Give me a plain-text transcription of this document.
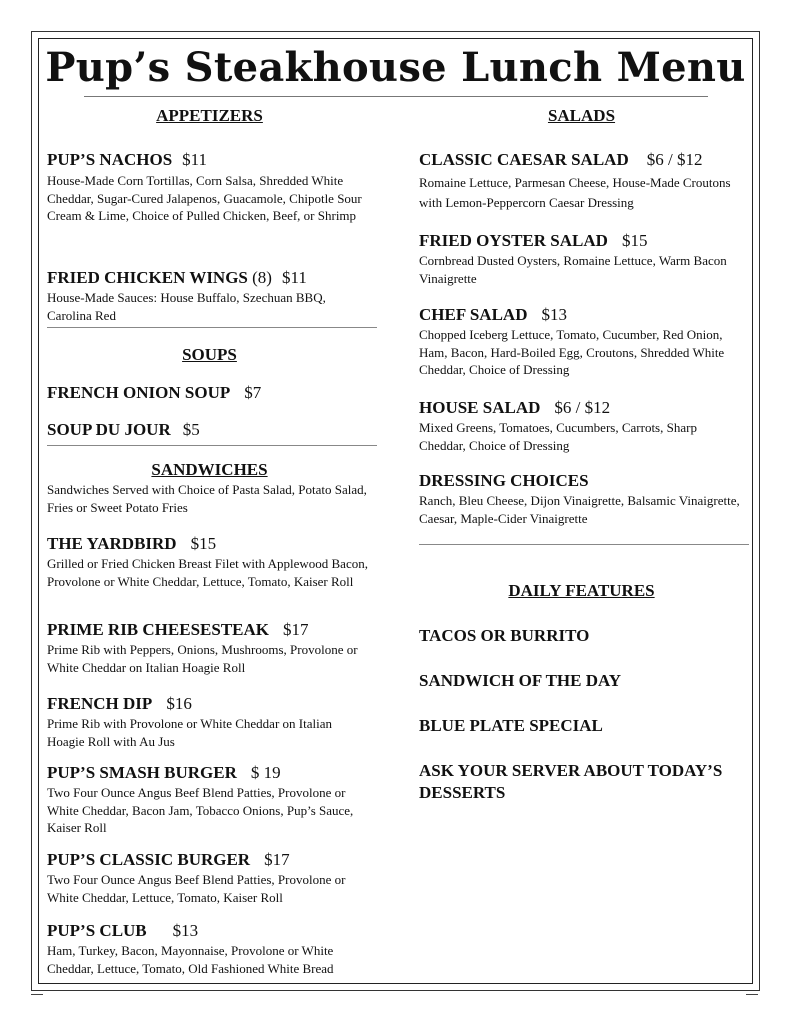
Pup’s Steakhouse Lunch Menu
APPETIZERS
PUP’S NACHOS $11
House-Made Corn Tortillas, Corn Salsa, Shredded White Cheddar, Sugar-Cured Jalapenos, Guacamole, Chipotle Sour Cream & Lime, Choice of Pulled Chicken, Beef, or Shrimp
FRIED CHICKEN WINGS (8) $11
House-Made Sauces: House Buffalo, Szechuan BBQ, Carolina Red
SOUPS
FRENCH ONION SOUP $7
SOUP DU JOUR $5
SANDWICHES
Sandwiches Served with Choice of Pasta Salad, Potato Salad, Fries or Sweet Potato Fries
THE YARDBIRD $15
Grilled or Fried Chicken Breast Filet with Applewood Bacon, Provolone or White Cheddar, Lettuce, Tomato, Kaiser Roll
PRIME RIB CHEESESTEAK $17
Prime Rib with Peppers, Onions, Mushrooms, Provolone or White Cheddar on Italian Hoagie Roll
FRENCH DIP $16
Prime Rib with Provolone or White Cheddar on Italian Hoagie Roll with Au Jus
PUP’S SMASH BURGER $ 19
Two Four Ounce Angus Beef Blend Patties, Provolone or White Cheddar, Bacon Jam, Tobacco Onions, Pup’s Sauce, Kaiser Roll
PUP’S CLASSIC BURGER $17
Two Four Ounce Angus Beef Blend Patties, Provolone or White Cheddar, Lettuce, Tomato, Kaiser Roll
PUP’S CLUB $13
Ham, Turkey, Bacon, Mayonnaise, Provolone or White Cheddar, Lettuce, Tomato, Old Fashioned White Bread
SALADS
CLASSIC CAESAR SALAD $6 / $12
Romaine Lettuce, Parmesan Cheese, House-Made Croutons with Lemon-Peppercorn Caesar Dressing
FRIED OYSTER SALAD $15
Cornbread Dusted Oysters, Romaine Lettuce, Warm Bacon Vinaigrette
CHEF SALAD $13
Chopped Iceberg Lettuce, Tomato, Cucumber, Red Onion, Ham, Bacon, Hard-Boiled Egg, Croutons, Shredded White Cheddar, Choice of Dressing
HOUSE SALAD $6 / $12
Mixed Greens, Tomatoes, Cucumbers, Carrots, Sharp Cheddar, Choice of Dressing
DRESSING CHOICES
Ranch, Bleu Cheese, Dijon Vinaigrette, Balsamic Vinaigrette, Caesar, Maple-Cider Vinaigrette
DAILY FEATURES
TACOS OR BURRITO
SANDWICH OF THE DAY
BLUE PLATE SPECIAL
ASK YOUR SERVER ABOUT TODAY’S DESSERTS
